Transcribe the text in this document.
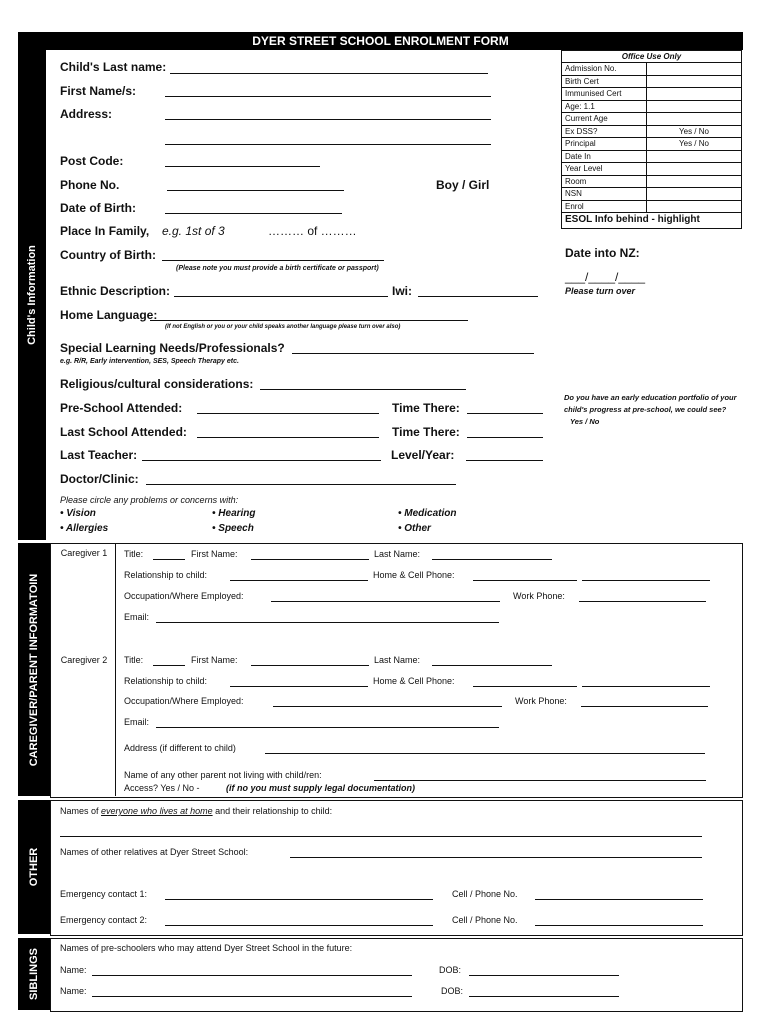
DYER STREET SCHOOL ENROLMENT FORM
Child's Information
CAREGIVER/PARENT INFORMATOIN
OTHER
SIBLINGS
Child's Last name:
First Name/s:
Address:
Post Code:
Phone No.	Boy / Girl
Date of Birth:
Place In Family, e.g. 1st of 3	……… of ………
Country of Birth:
(Please note you must provide a birth certificate or passport)
Ethnic Description:	Iwi:
Home Language:
(If not English or you or your child speaks another language please turn over also)
Special Learning Needs/Professionals?
e.g. R/R, Early intervention, SES, Speech Therapy etc.
Religious/cultural considerations:
Pre-School Attended:	Time There:
Last School Attended:	Time There:
Last Teacher:	Level/Year:
Doctor/Clinic:
Please circle any problems or concerns with:
• Vision	• Hearing	• Medication
• Allergies	• Speech	• Other
Office Use Only
Admission No.	
Birth Cert	
Immunised Cert	
Age: 1.1	
Current Age	
Ex DSS?	Yes / No
Principal	Yes / No
Date In	
Year Level	
Room	
NSN	
Enrol	
ESOL Info behind - highlight
Date into NZ:
___/____/____
Please turn over
Do you have an early education portfolio of your child's progress at pre-school, we could see? Yes / No
Caregiver 1	Title:	First Name:	Last Name:
Relationship to child:	Home & Cell Phone:
Occupation/Where Employed:	Work Phone:
Email:
Caregiver 2	Title:	First Name:	Last Name:
Relationship to child:	Home & Cell Phone:
Occupation/Where Employed:	Work Phone:
Email:
Address (if different to child)
Name of any other parent not living with child/ren:
Access? Yes / No -	(if no you must supply legal documentation)
Names of everyone who lives at home and their relationship to child:
Names of other relatives at Dyer Street School:
Emergency contact 1:	Cell / Phone No.
Emergency contact 2:	Cell / Phone No.
Names of pre-schoolers who may attend Dyer Street School in the future:
Name:	DOB:
Name:	DOB:
